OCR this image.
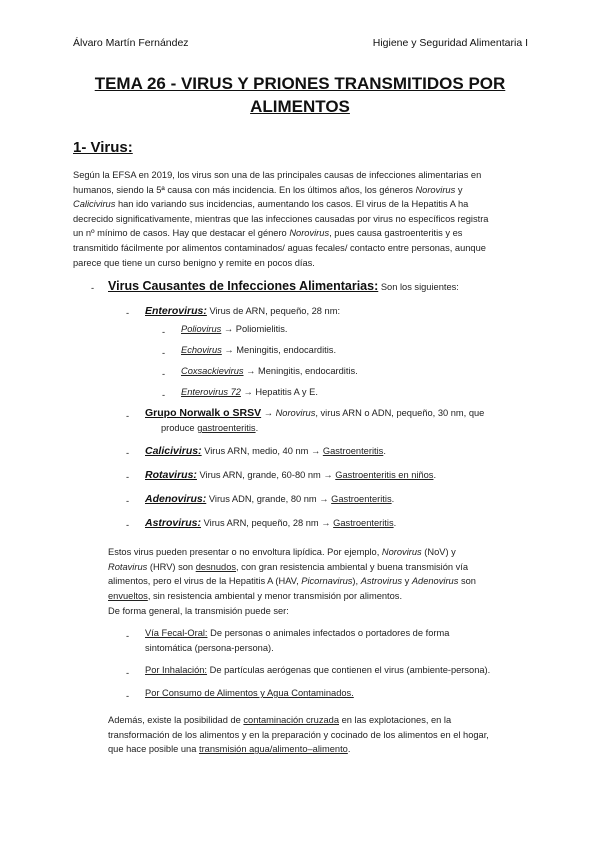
Álvaro Martín Fernández	Higiene y Seguridad Alimentaria I
TEMA 26 - VIRUS Y PRIONES TRANSMITIDOS POR
ALIMENTOS
1- Virus:

Según la EFSA en 2019, los virus son una de las principales causas de infecciones alimentarias en

humanos, siendo la 5ª causa con más incidencia. En los últimos años, los géneros Norovirus y

Calicivirus han ido variando sus incidencias, aumentando los casos. El virus de la Hepatitis A ha

decrecido significativamente, mientras que las infecciones causadas por virus no específicos registra

un nº mínimo de casos. Hay que destacar el género Norovirus, pues causa gastroenteritis y es

transmitido fácilmente por alimentos contaminados/ aguas fecales/ contacto entre personas, aunque

parece que tiene un curso benigno y remite en pocos días.

- Virus Causantes de Infecciones Alimentarias: Son los siguientes:
- Enterovirus: Virus de ARN, pequeño, 28 nm:
- Poliovirus → Poliomielitis.
- Echovirus → Meningitis, endocarditis.
- Coxsackievirus → Meningitis, endocarditis.
- Enterovirus 72 → Hepatitis A y E.
- Grupo Norwalk o SRSV → Norovirus, virus ARN o ADN, pequeño, 30 nm, que
produce gastroenteritis.
- Calicivirus: Virus ARN, medio, 40 nm → Gastroenteritis.
- Rotavirus: Virus ARN, grande, 60-80 nm → Gastroenteritis en niños.
- Adenovirus: Virus ADN, grande, 80 nm → Gastroenteritis.
- Astrovirus: Virus ARN, pequeño, 28 nm → Gastroenteritis.

Estos virus pueden presentar o no envoltura lipídica. Por ejemplo, Norovirus (NoV) y

Rotavirus (HRV) son desnudos, con gran resistencia ambiental y buena transmisión vía

alimentos, pero el virus de la Hepatitis A (HAV, Picornavirus), Astrovirus y Adenovirus son

envueltos, sin resistencia ambiental y menor transmisión por alimentos.

De forma general, la transmisión puede ser:
- Vía Fecal-Oral: De personas o animales infectados o portadores de forma
sintomática (persona-persona).
- Por Inhalación: De partículas aerógenas que contienen el virus (ambiente-persona).
- Por Consumo de Alimentos y Agua Contaminados.

Además, existe la posibilidad de contaminación cruzada en las explotaciones, en la

transformación de los alimentos y en la preparación y cocinado de los alimentos en el hogar,

que hace posible una transmisión agua/alimento–alimento.
